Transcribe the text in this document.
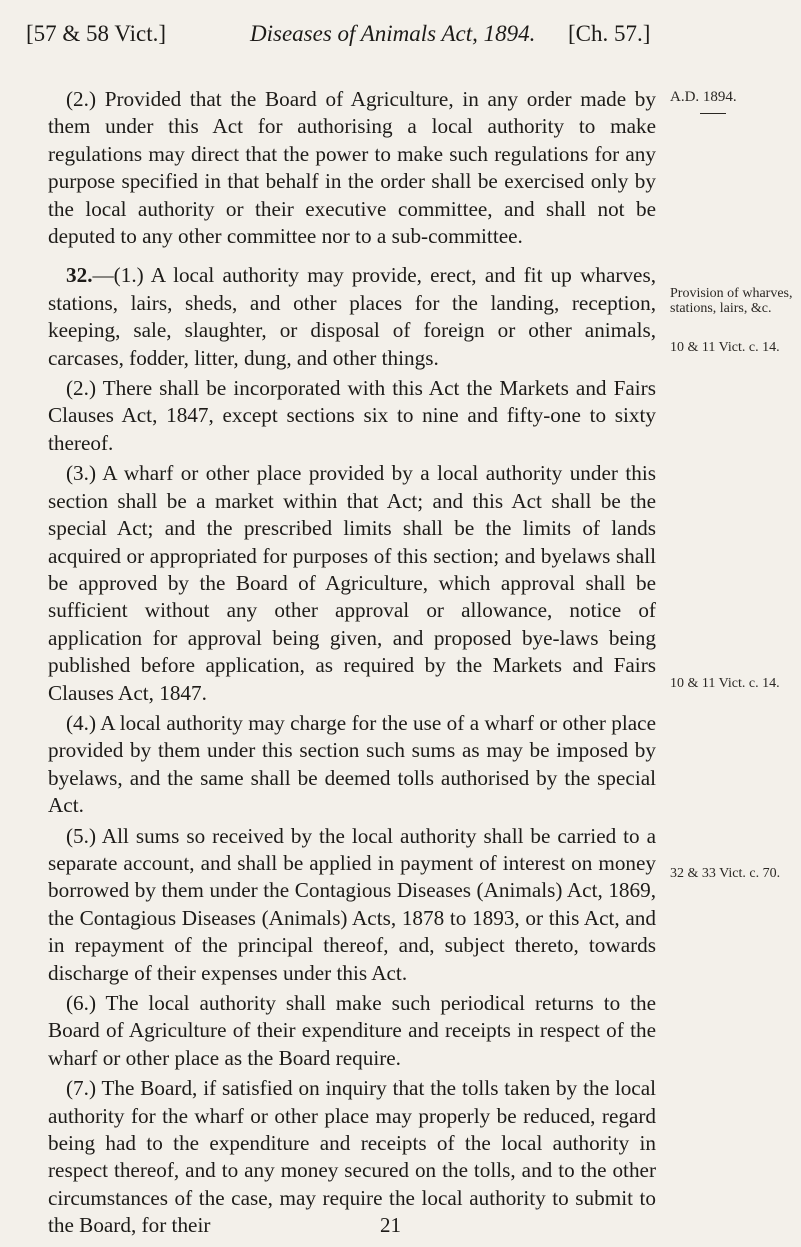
[57 & 58 Vict.]	Diseases of Animals Act, 1894. [Ch. 57.]
A.D. 1894.
Provision of wharves, stations, lairs, &c.
10 & 11 Vict. c. 14.
10 & 11 Vict. c. 14.
32 & 33 Vict. c. 70.

(2.) Provided that the Board of Agriculture, in any order made by them under this Act for authorising a local authority to make regulations may direct that the power to make such regulations for any purpose specified in that behalf in the order shall be exercised only by the local authority or their executive committee, and shall not be deputed to any other committee nor to a sub-committee.

32.—(1.) A local authority may provide, erect, and fit up wharves, stations, lairs, sheds, and other places for the landing, reception, keeping, sale, slaughter, or disposal of foreign or other animals, carcases, fodder, litter, dung, and other things.

(2.) There shall be incorporated with this Act the Markets and Fairs Clauses Act, 1847, except sections six to nine and fifty-one to sixty thereof.

(3.) A wharf or other place provided by a local authority under this section shall be a market within that Act; and this Act shall be the special Act; and the prescribed limits shall be the limits of lands acquired or appropriated for purposes of this section; and byelaws shall be approved by the Board of Agriculture, which approval shall be sufficient without any other approval or allowance, notice of application for approval being given, and proposed bye-laws being published before application, as required by the Markets and Fairs Clauses Act, 1847.

(4.) A local authority may charge for the use of a wharf or other place provided by them under this section such sums as may be imposed by byelaws, and the same shall be deemed tolls authorised by the special Act.

(5.) All sums so received by the local authority shall be carried to a separate account, and shall be applied in payment of interest on money borrowed by them under the Contagious Diseases (Animals) Act, 1869, the Contagious Diseases (Animals) Acts, 1878 to 1893, or this Act, and in repayment of the principal thereof, and, subject thereto, towards discharge of their expenses under this Act.

(6.) The local authority shall make such periodical returns to the Board of Agriculture of their expenditure and receipts in respect of the wharf or other place as the Board require.

(7.) The Board, if satisfied on inquiry that the tolls taken by the local authority for the wharf or other place may properly be reduced, regard being had to the expenditure and receipts of the local authority in respect thereof, and to any money secured on the tolls, and to the other circumstances of the case, may require the local authority to submit to the Board, for their	21
